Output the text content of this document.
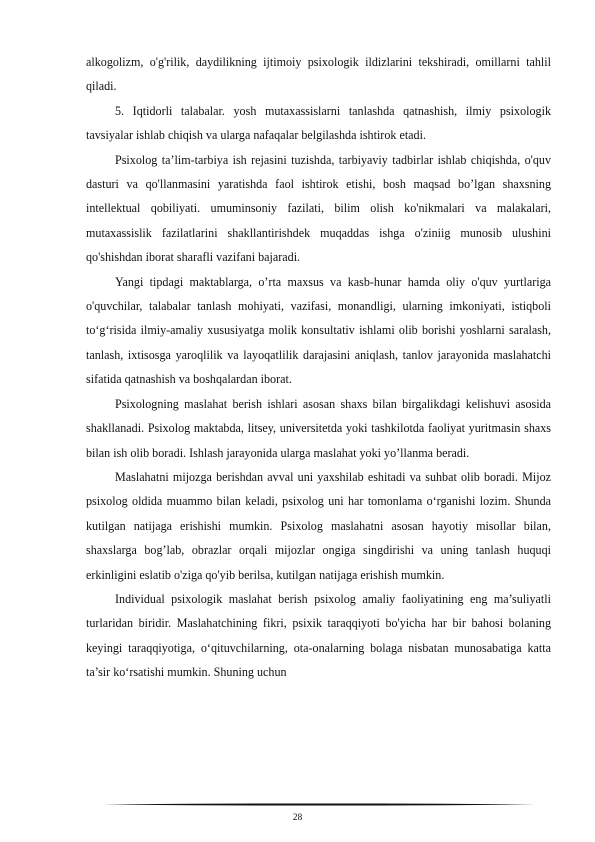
alkogolizm, o'g'rilik, daydilikning ijtimoiy psixologik ildizlarini tekshiradi, omillarni tahlil qiladi.

5. Iqtidorli talabalar. yosh mutaxassislarni tanlashda qatnashish, ilmiy psixologik tavsiyalar ishlab chiqish va ularga nafaqalar belgilashda ishtirok etadi.

Psixolog ta’lim-tarbiya ish rejasini tuzishda, tarbiyaviy tadbirlar ishlab chiqishda, o'quv dasturi va qo'llanmasini yaratishda faol ishtirok etishi, bosh maqsad bo’lgan shaxsning intellektual qobiliyati. umuminsoniy fazilati, bilim olish ko'nikmalari va malakalari, mutaxassislik fazilatlarini shakllantirishdek muqaddas ishga o'ziniig munosib ulushini qo'shishdan iborat sharafli vazifani bajaradi.

Yangi tipdagi maktablarga, o’rta maxsus va kasb-hunar hamda oliy o'quv yurtlariga o'quvchilar, talabalar tanlash mohiyati, vazifasi, monandligi, ularning imkoniyati, istiqboli to‘g‘risida ilmiy-amaliy xususiyatga molik konsultativ ishlami olib borishi yoshlarni saralash, tanlash, ixtisosga yaroqlilik va layoqatlilik darajasini aniqlash, tanlov jarayonida maslahatchi sifatida qatnashish va boshqalardan iborat.

Psixologning maslahat berish ishlari asosan shaxs bilan birgalikdagi kelishuvi asosida shakllanadi. Psixolog maktabda, litsey, universitetda yoki tashkilotda faoliyat yuritmasin shaxs bilan ish olib boradi. Ishlash jarayonida ularga maslahat yoki yo’llanma beradi.

Maslahatni mijozga berishdan avval uni yaxshilab eshitadi va suhbat olib boradi. Mijoz psixolog oldida muammo bilan keladi, psixolog uni har tomonlama o‘rganishi lozim. Shunda kutilgan natijaga erishishi mumkin. Psixolog maslahatni asosan hayotiy misollar bilan, shaxslarga bog’lab, obrazlar orqali mijozlar ongiga singdirishi va uning tanlash huquqi erkinligini eslatib o'ziga qo'yib berilsa, kutilgan natijaga erishish mumkin.

Individual psixologik maslahat berish psixolog amaliy faoliyatining eng ma’suliyatli turlaridan biridir. Maslahatchining fikri, psixik taraqqiyoti bo'yicha har bir bahosi bolaning keyingi taraqqiyotiga, o‘qituvchilarning, ota-onalarning bolaga nisbatan munosabatiga katta ta’sir ko‘rsatishi mumkin. Shuning uchun

28
